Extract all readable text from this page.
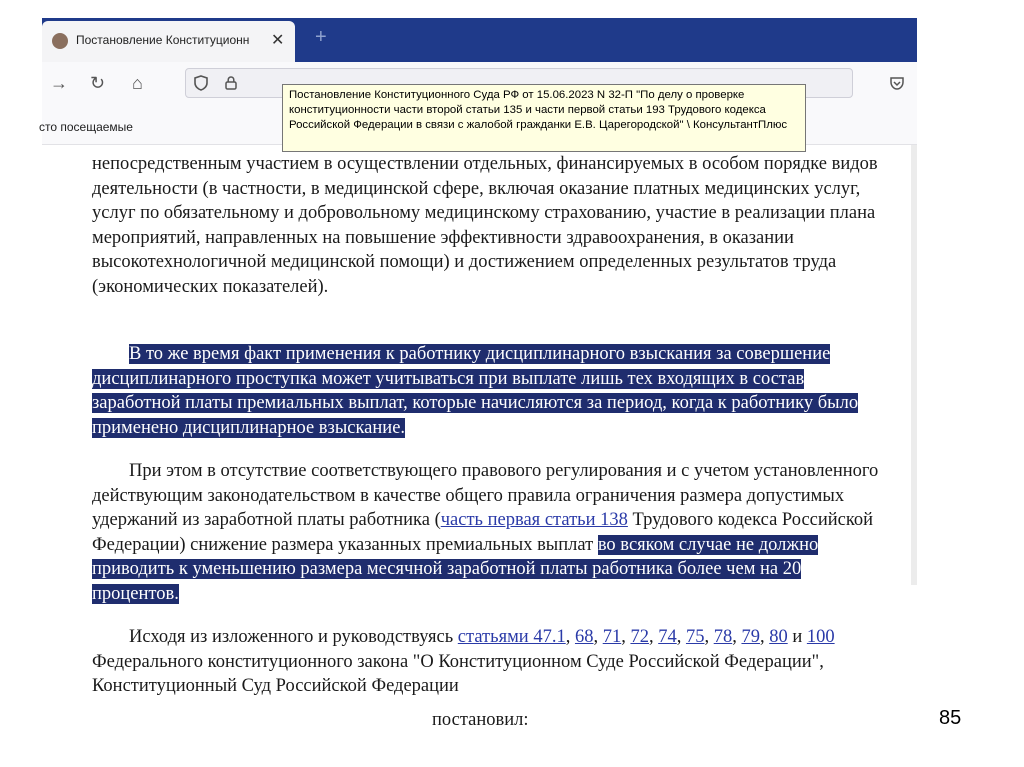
Постановление Конституционн	✕ +
→ ↻ ⌂
сто посещаемые

непосредственным участием в осуществлении отдельных, финансируемых в особом порядке видов деятельности (в частности, в медицинской сфере, включая оказание платных медицинских услуг, услуг по обязательному и добровольному медицинскому страхованию, участие в реализации плана мероприятий, направленных на повышение эффективности здравоохранения, в оказании высокотехнологичной медицинской помощи) и достижением определенных результатов труда (экономических показателей).

В то же время факт применения к работнику дисциплинарного взыскания за совершение дисциплинарного проступка может учитываться при выплате лишь тех входящих в состав заработной платы премиальных выплат, которые начисляются за период, когда к работнику было применено дисциплинарное взыскание.

При этом в отсутствие соответствующего правового регулирования и с учетом установленного действующим законодательством в качестве общего правила ограничения размера допустимых удержаний из заработной платы работника (часть первая статьи 138 Трудового кодекса Российской Федерации) снижение размера указанных премиальных выплат во всяком случае не должно приводить к уменьшению размера месячной заработной платы работника более чем на 20 процентов.

Исходя из изложенного и руководствуясь статьями 47.1, 68, 71, 72, 74, 75, 78, 79, 80 и 100 Федерального конституционного закона "О Конституционном Суде Российской Федерации", Конституционный Суд Российской Федерации

Постановление Конституционного Суда РФ от 15.06.2023 N 32-П "По делу о проверке конституционности части второй статьи 135 и части первой статьи 193 Трудового кодекса Российской Федерации в связи с жалобой гражданки Е.В. Царегородской" \ КонсультантПлюс
постановил:	85
